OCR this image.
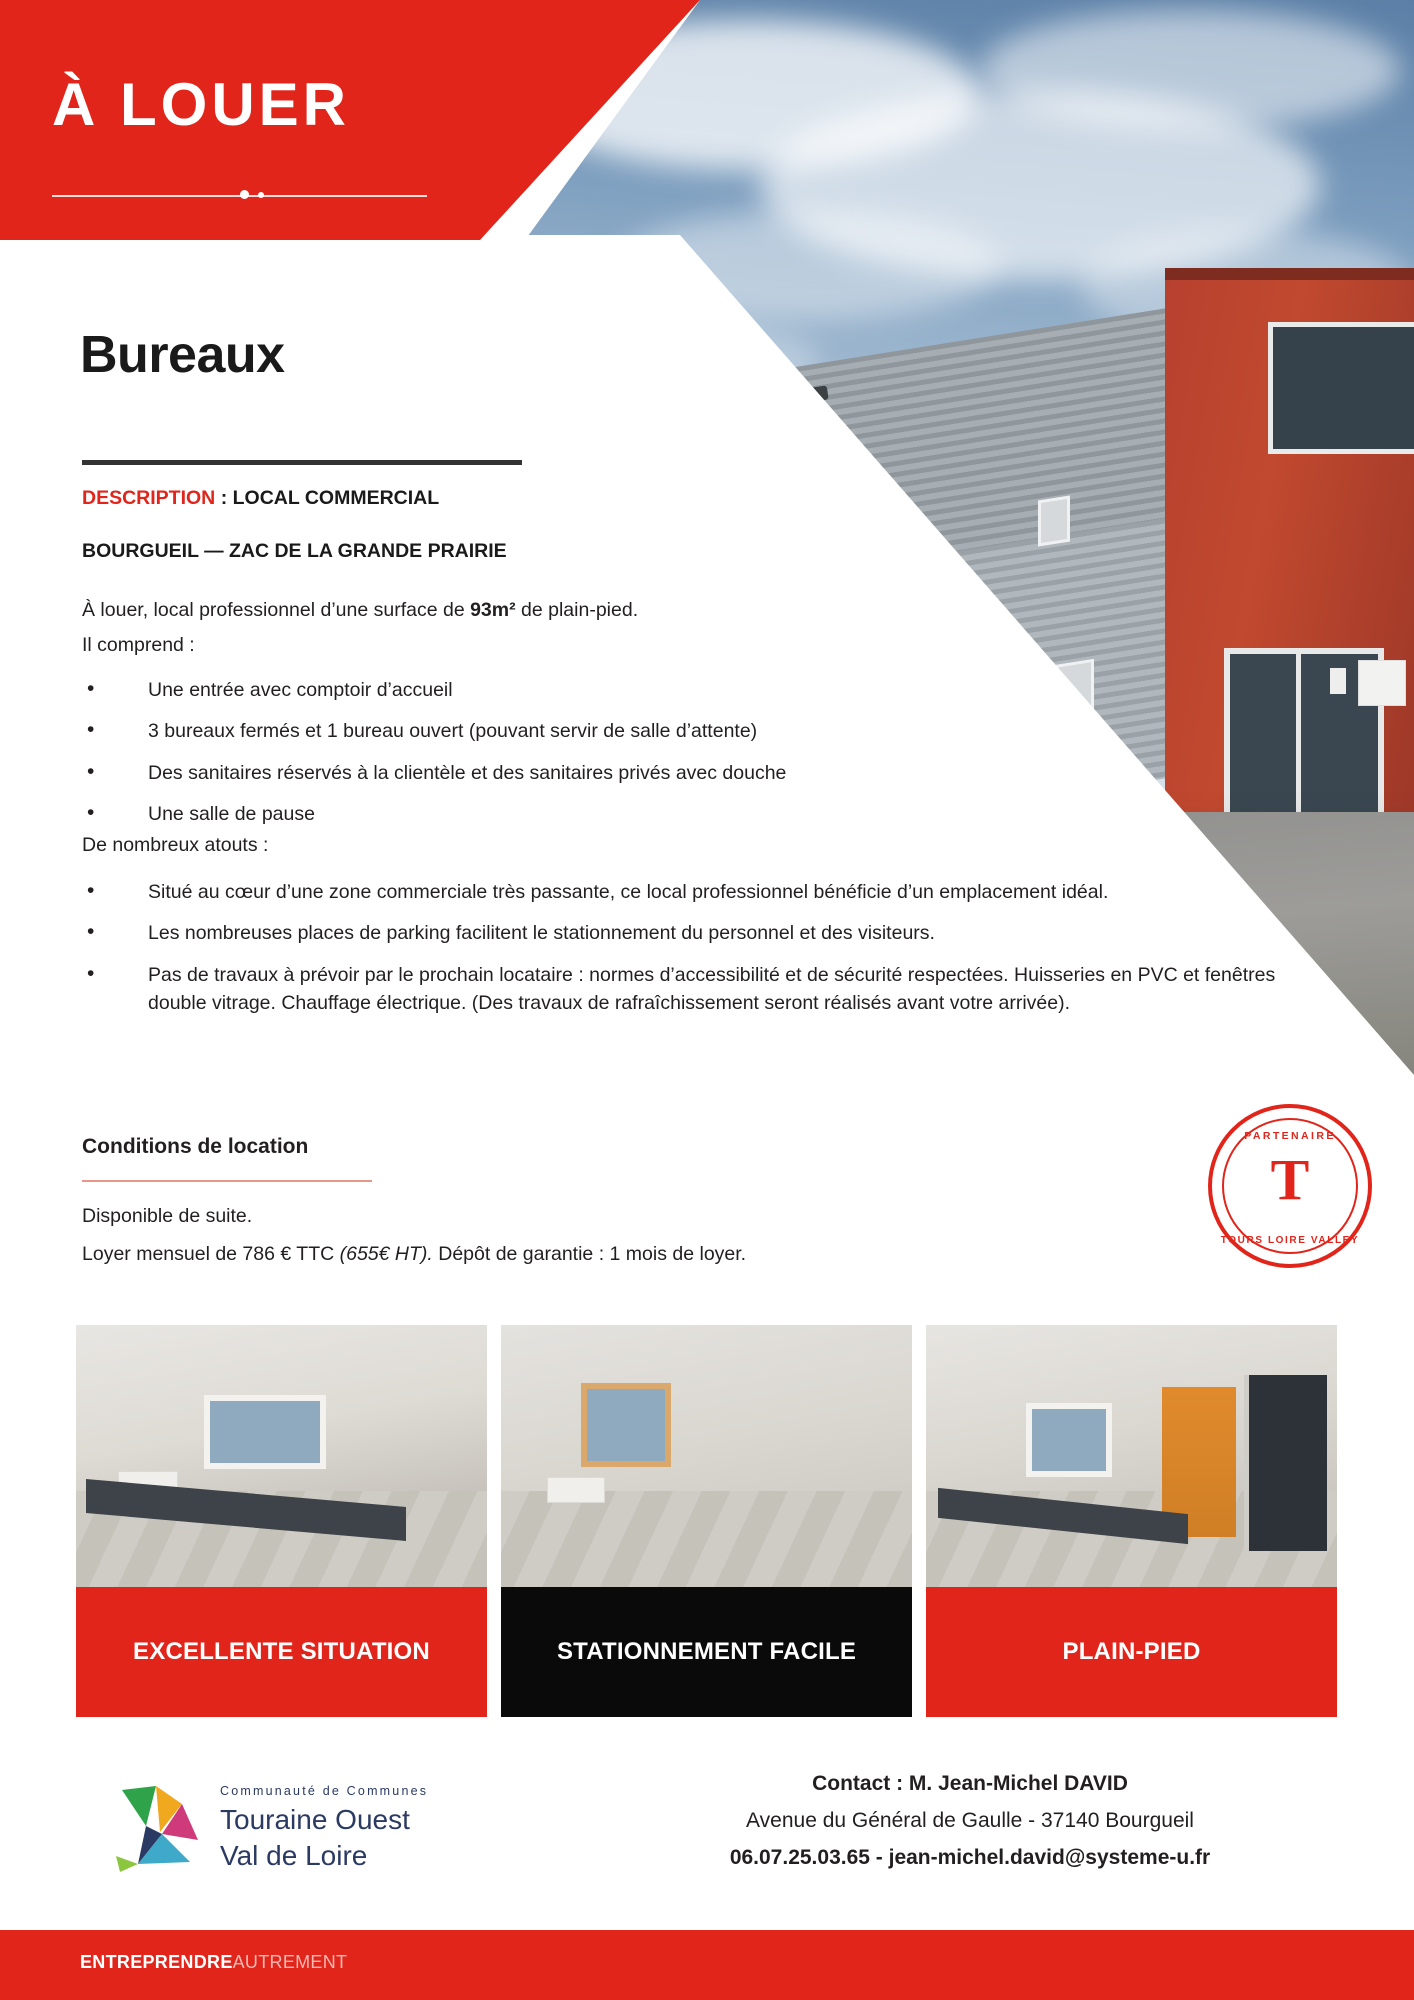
À LOUER
Bureaux
DESCRIPTION : LOCAL COMMERCIAL
BOURGUEIL — ZAC DE LA GRANDE PRAIRIE
À louer, local professionnel d’une surface de 93m² de plain-pied.
Il comprend :
• Une entrée avec comptoir d’accueil
• 3 bureaux fermés et 1 bureau ouvert (pouvant servir de salle d’attente)
• Des sanitaires réservés à la clientèle et des sanitaires privés avec douche
• Une salle de pause
De nombreux atouts :
• Situé au cœur d’une zone commerciale très passante, ce local professionnel bénéficie d’un emplacement idéal.
• Les nombreuses places de parking facilitent le stationnement du personnel et des visiteurs.
• Pas de travaux à prévoir par le prochain locataire : normes d’accessibilité et de sécurité respectées. Huisseries en PVC et fenêtres double vitrage. Chauffage électrique. (Des travaux de rafraîchissement seront réalisés avant votre arrivée).
Conditions de location
Disponible de suite.
Loyer mensuel de 786 € TTC (655€ HT). Dépôt de garantie : 1 mois de loyer.
PARTENAIRE
T
TOURS LOIRE VALLEY
EXCELLENTE SITUATION	STATIONNEMENT FACILE	PLAIN-PIED
Communauté de Communes
Touraine Ouest
Val de Loire
Contact : M. Jean-Michel DAVID
Avenue du Général de Gaulle - 37140 Bourgueil
06.07.25.03.65 - jean-michel.david@systeme-u.fr
ENTREPRENDREAUTREMENT
